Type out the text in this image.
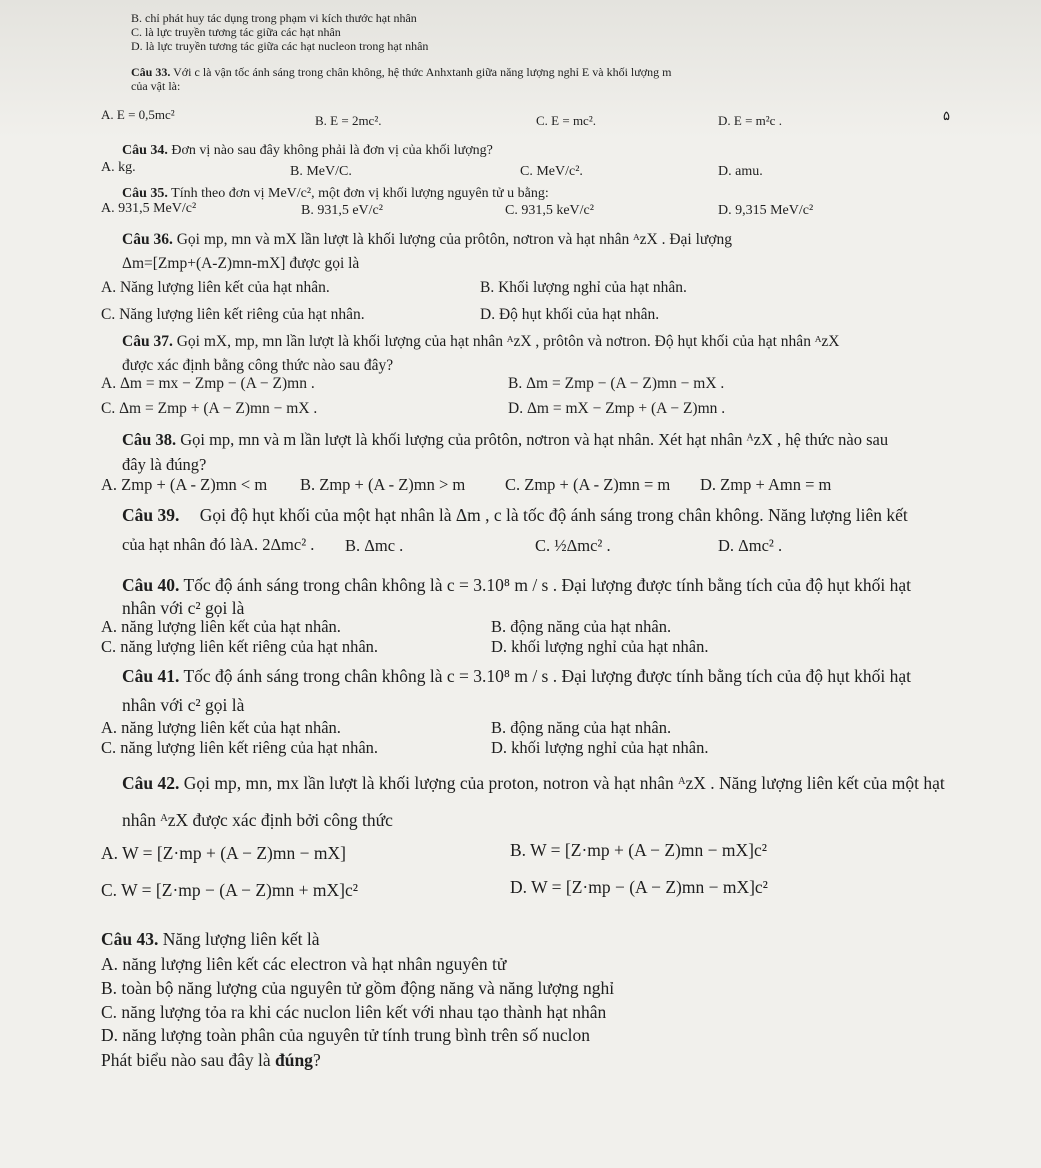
B. chỉ phát huy tác dụng trong phạm vi kích thước hạt nhân
C. là lực truyền tương tác giữa các hạt nhân
D. là lực truyền tương tác giữa các hạt nucleon trong hạt nhân
Câu 33. Với c là vận tốc ánh sáng trong chân không, hệ thức Anhxtanh giữa năng lượng nghỉ E và khối lượng m
của vật là:
A. E = 0,5mc²	B. E = 2mc².	C. E = mc².	D. E = m²c .	۵
Câu 34. Đơn vị nào sau đây không phải là đơn vị của khối lượng?
A. kg.	B. MeV/C.	C. MeV/c².	D. amu.
Câu 35. Tính theo đơn vị MeV/c², một đơn vị khối lượng nguyên tử u bằng:
A. 931,5 MeV/c²	B. 931,5 eV/c²	C. 931,5 keV/c²	D. 9,315 MeV/c²
Câu 36. Gọi mp, mn và mX lần lượt là khối lượng của prôtôn, nơtron và hạt nhân ᴬzX . Đại lượng
Δm=[Zmp+(A-Z)mn-mX] được gọi là
A. Năng lượng liên kết của hạt nhân.	B. Khối lượng nghỉ của hạt nhân.
C. Năng lượng liên kết riêng của hạt nhân.	D. Độ hụt khối của hạt nhân.
Câu 37. Gọi mX, mp, mn lần lượt là khối lượng của hạt nhân ᴬzX , prôtôn và nơtron. Độ hụt khối của hạt nhân ᴬzX
được xác định bằng công thức nào sau đây?
A. Δm = mx − Zmp − (A − Z)mn .	B. Δm = Zmp − (A − Z)mn − mX .
C. Δm = Zmp + (A − Z)mn − mX .	D. Δm = mX − Zmp + (A − Z)mn .
Câu 38. Gọi mp, mn và m lần lượt là khối lượng của prôtôn, nơtron và hạt nhân. Xét hạt nhân ᴬzX , hệ thức nào sau
đây là đúng?
A. Zmp + (A - Z)mn < m B. Zmp + (A - Z)mn > m C. Zmp + (A - Z)mn = m D. Zmp + Amn = m
Câu 39. Gọi độ hụt khối của một hạt nhân là Δm , c là tốc độ ánh sáng trong chân không. Năng lượng liên kết
của hạt nhân đó làA. 2Δmc² . B. Δmc .	C. ½Δmc² .	D. Δmc² .
Câu 40. Tốc độ ánh sáng trong chân không là c = 3.10⁸ m / s . Đại lượng được tính bằng tích của độ hụt khối hạt
nhân với c² gọi là
A. năng lượng liên kết của hạt nhân.	B. động năng của hạt nhân.
C. năng lượng liên kết riêng của hạt nhân.	D. khối lượng nghỉ của hạt nhân.
Câu 41. Tốc độ ánh sáng trong chân không là c = 3.10⁸ m / s . Đại lượng được tính bằng tích của độ hụt khối hạt
nhân với c² gọi là
A. năng lượng liên kết của hạt nhân.	B. động năng của hạt nhân.
C. năng lượng liên kết riêng của hạt nhân.	D. khối lượng nghỉ của hạt nhân.
Câu 42. Gọi mp, mn, mx lần lượt là khối lượng của proton, notron và hạt nhân ᴬzX . Năng lượng liên kết của một hạt
nhân ᴬzX được xác định bởi công thức
A. W = [Z·mp + (A − Z)mn − mX]	B. W = [Z·mp + (A − Z)mn − mX]c²
C. W = [Z·mp − (A − Z)mn + mX]c²	D. W = [Z·mp − (A − Z)mn − mX]c²
Câu 43. Năng lượng liên kết là
A. năng lượng liên kết các electron và hạt nhân nguyên tử
B. toàn bộ năng lượng của nguyên tử gồm động năng và năng lượng nghỉ
C. năng lượng tỏa ra khi các nuclon liên kết với nhau tạo thành hạt nhân
D. năng lượng toàn phân của nguyên tử tính trung bình trên số nuclon
Phát biểu nào sau đây là đúng?
